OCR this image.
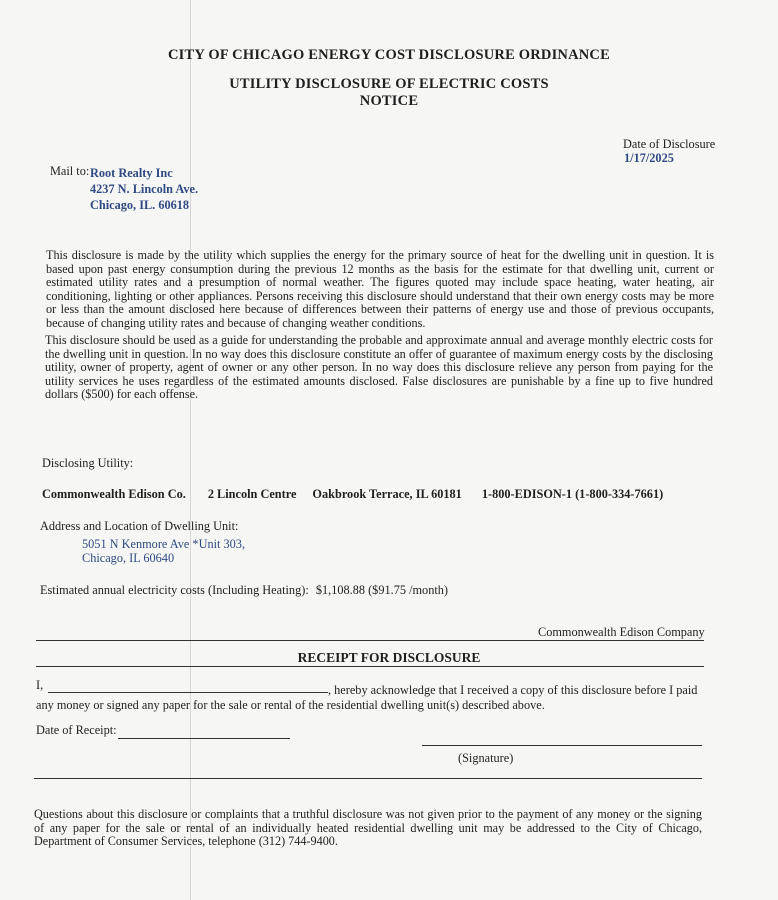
CITY OF CHICAGO ENERGY COST DISCLOSURE ORDINANCE
UTILITY DISCLOSURE OF ELECTRIC COSTS
NOTICE
Date of Disclosure
1/17/2025
Mail to: Root Realty Inc
4237 N. Lincoln Ave.
Chicago, IL. 60618

This disclosure is made by the utility which supplies the energy for the primary source of heat for the dwelling unit in question. It is based upon past energy consumption during the previous 12 months as the basis for the estimate for that dwelling unit, current or estimated utility rates and a presumption of normal weather. The figures quoted may include space heating, water heating, air conditioning, lighting or other appliances. Persons receiving this disclosure should understand that their own energy costs may be more or less than the amount disclosed here because of differences between their patterns of energy use and those of previous occupants, because of changing utility rates and because of changing weather conditions.

This disclosure should be used as a guide for understanding the probable and approximate annual and average monthly electric costs for the dwelling unit in question. In no way does this disclosure constitute an offer of guarantee of maximum energy costs by the disclosing utility, owner of property, agent of owner or any other person. In no way does this disclosure relieve any person from paying for the utility services he uses regardless of the estimated amounts disclosed. False disclosures are punishable by a fine up to five hundred dollars ($500) for each offense.

Disclosing Utility:
Commonwealth Edison Co. 2 Lincoln Centre Oakbrook Terrace, IL 60181 1-800-EDISON-1 (1-800-334-7661)
Address and Location of Dwelling Unit:
5051 N Kenmore Ave *Unit 303,
Chicago, IL 60640
Estimated annual electricity costs (Including Heating): $1,108.88 ($91.75 /month)
Commonwealth Edison Company
RECEIPT FOR DISCLOSURE
I,	, hereby acknowledge that I received a copy of this disclosure before I paid
any money or signed any paper for the sale or rental of the residential dwelling unit(s) described above.
Date of Receipt:
(Signature)

Questions about this disclosure or complaints that a truthful disclosure was not given prior to the payment of any money or the signing of any paper for the sale or rental of an individually heated residential dwelling unit may be addressed to the City of Chicago, Department of Consumer Services, telephone (312) 744-9400.
